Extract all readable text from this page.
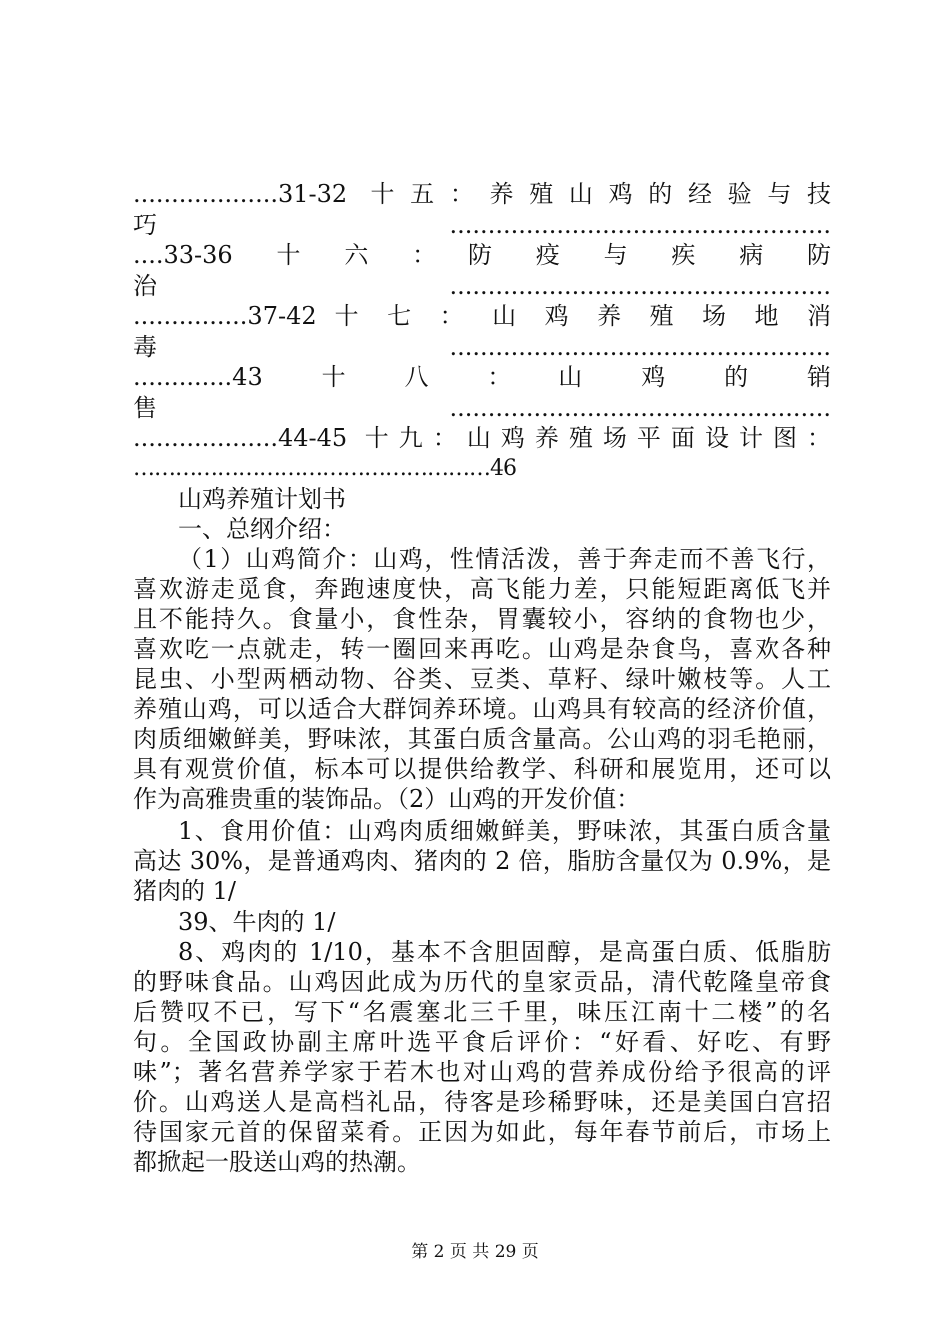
...................31-32 十五：养殖山鸡的经验与技
巧..................................................
....33-36　十　六　：　防　疫　与　疾　病　防
治..................................................
...............37-42 十 七 ： 山 鸡 养 殖 场 地 消
毒..................................................
.............43　十　八　：　山　鸡　的　销
售..................................................
...................44-45 十九：山鸡养殖场平面设计图：
……………………………………………46
山鸡养殖计划书
一、总纲介绍：
（1）山鸡简介：山鸡，性情活泼，善于奔走而不善飞行，
喜欢游走觅食，奔跑速度快，高飞能力差，只能短距离低飞并
且不能持久。食量小，食性杂，胃囊较小，容纳的食物也少，
喜欢吃一点就走，转一圈回来再吃。山鸡是杂食鸟，喜欢各种
昆虫、小型两栖动物、谷类、豆类、草籽、绿叶嫩枝等。人工
养殖山鸡，可以适合大群饲养环境。山鸡具有较高的经济价值，
肉质细嫩鲜美，野味浓，其蛋白质含量高。公山鸡的羽毛艳丽，
具有观赏价值，标本可以提供给教学、科研和展览用，还可以
作为高雅贵重的装饰品。（2）山鸡的开发价值：
1、食用价值：山鸡肉质细嫩鲜美，野味浓，其蛋白质含量
高达 30%，是普通鸡肉、猪肉的 2 倍，脂肪含量仅为 0.9%，是
猪肉的 1/
39、牛肉的 1/
8、鸡肉的 1/10，基本不含胆固醇，是高蛋白质、低脂肪
的野味食品。山鸡因此成为历代的皇家贡品，清代乾隆皇帝食
后赞叹不已，写下“名震塞北三千里，味压江南十二楼”的名
句。全国政协副主席叶选平食后评价：“好看、好吃、有野
味”；著名营养学家于若木也对山鸡的营养成份给予很高的评
价。山鸡送人是高档礼品，待客是珍稀野味，还是美国白宫招
待国家元首的保留菜肴。正因为如此，每年春节前后，市场上
都掀起一股送山鸡的热潮。
第 2 页 共 29 页
